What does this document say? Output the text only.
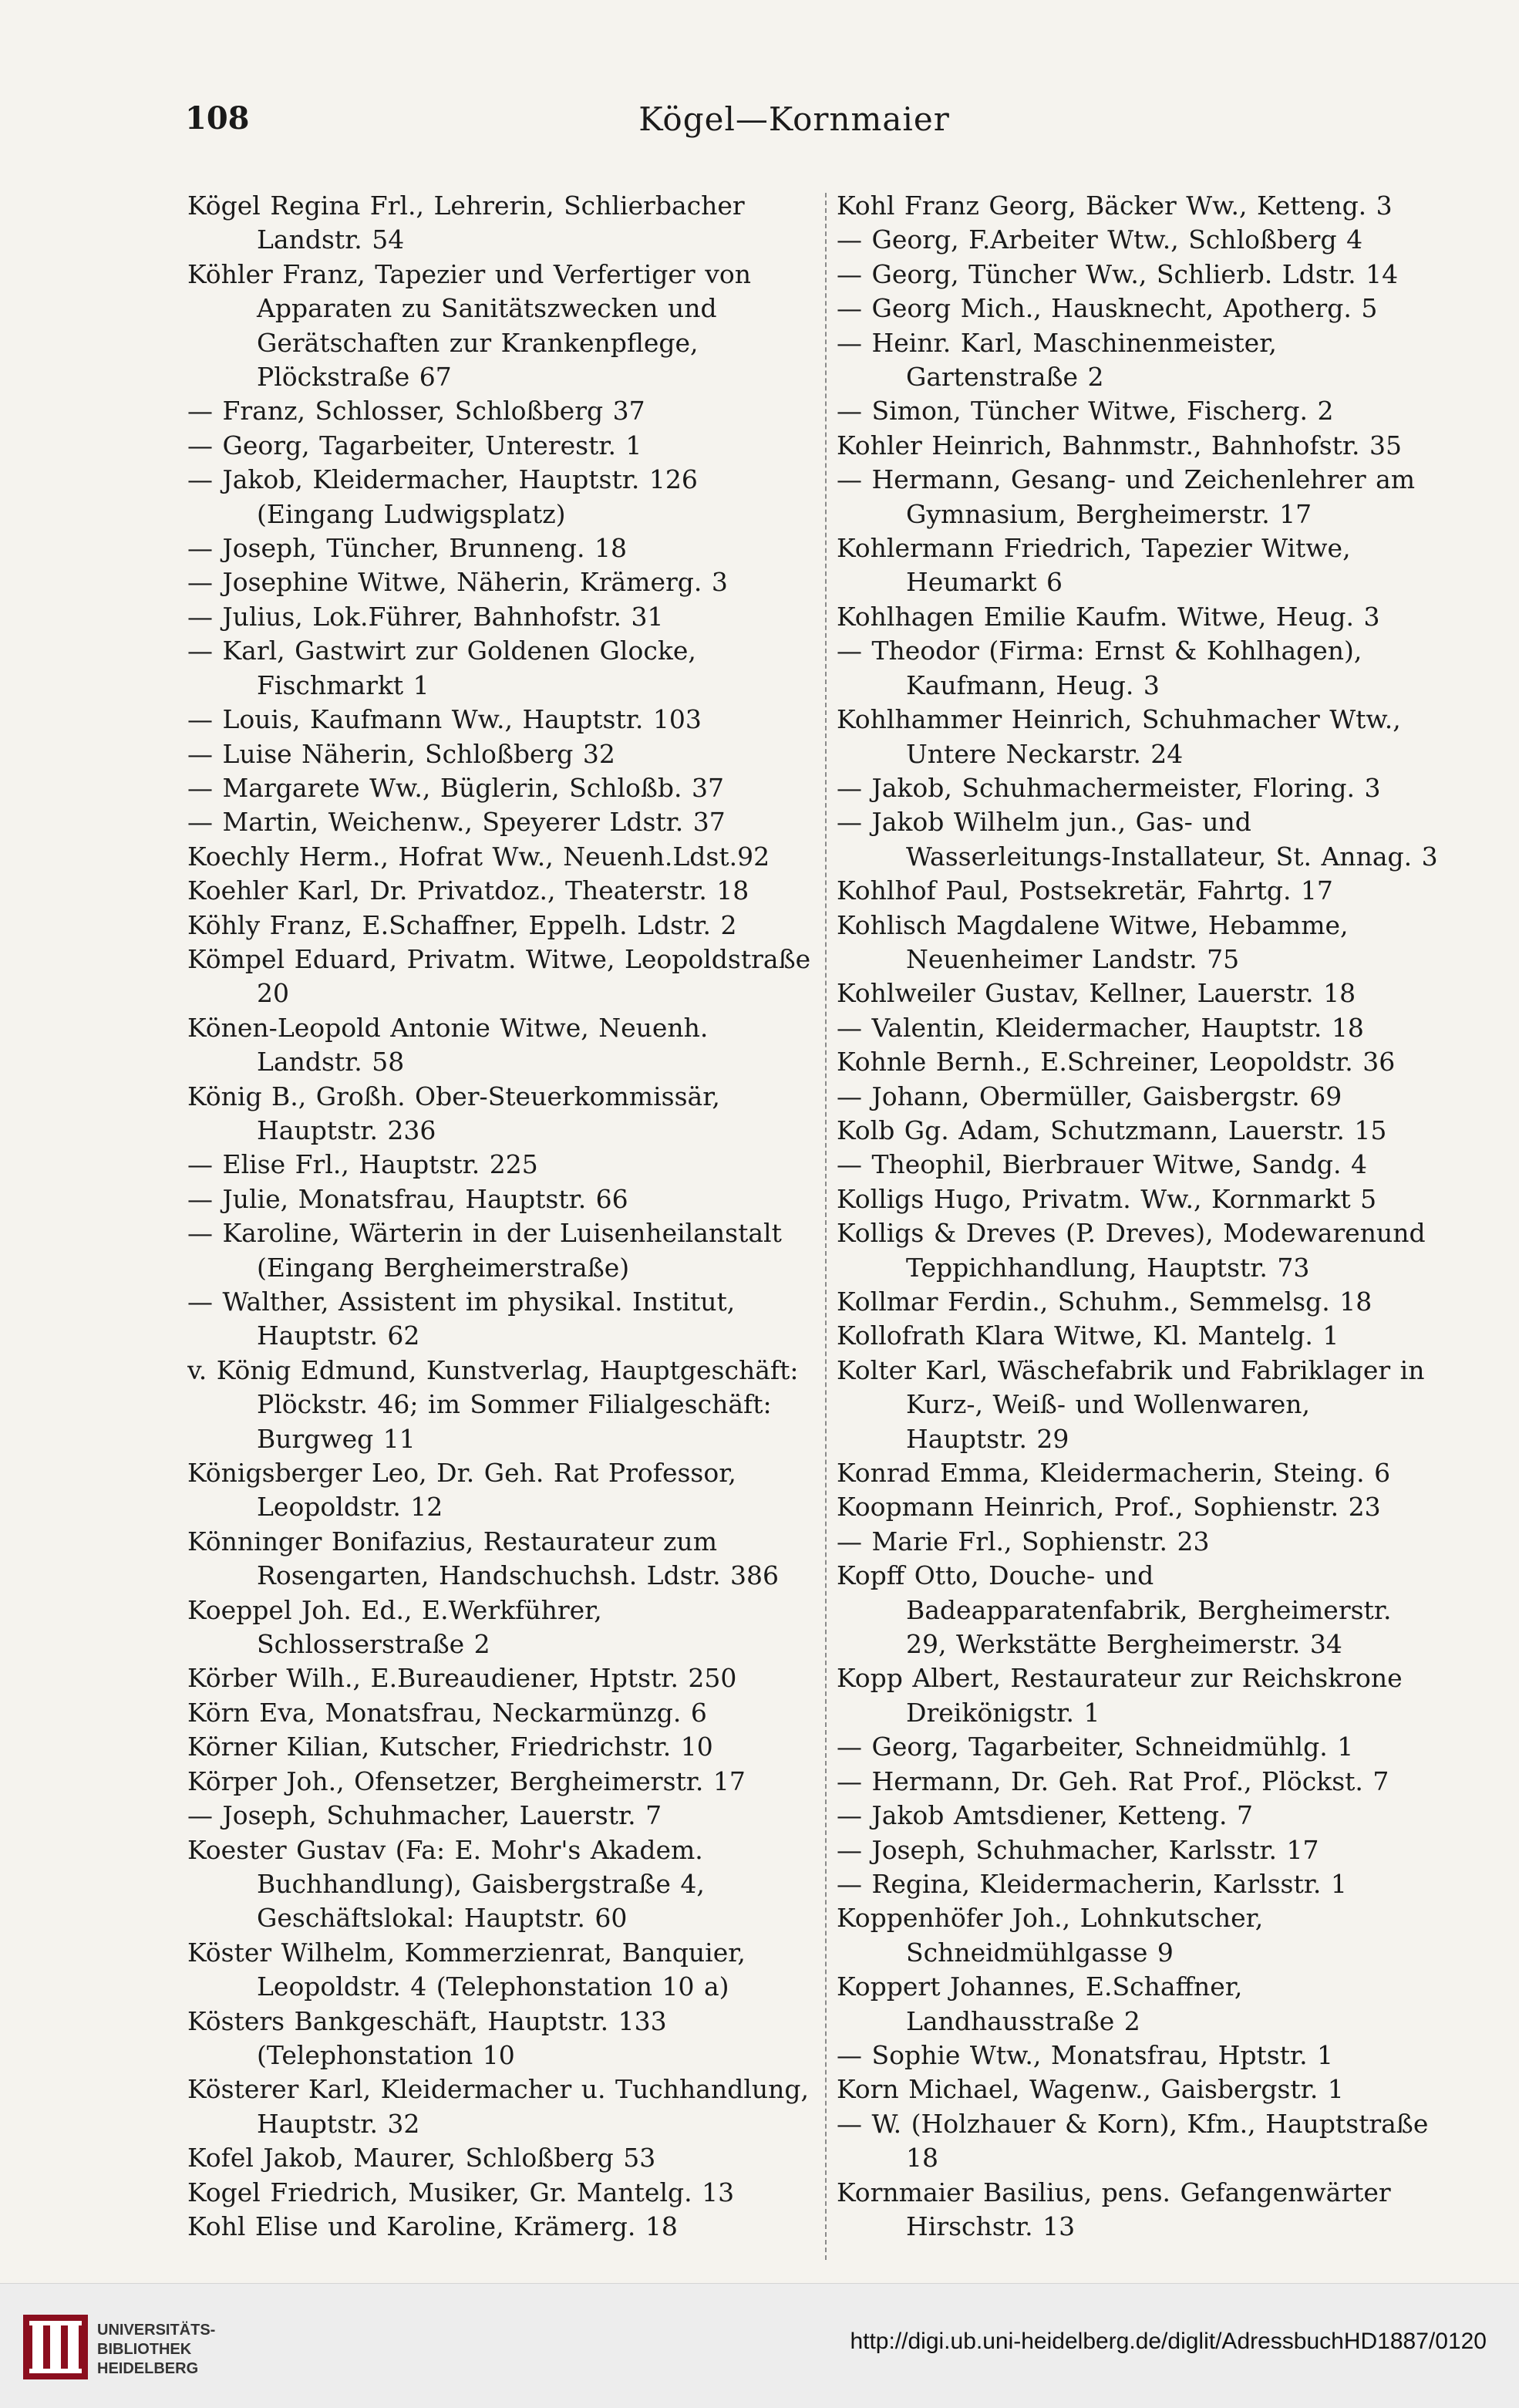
108	Kögel—Kornmaier
Kögel Regina Frl., Lehrerin, Schlierbacher Landstr. 54
Köhler Franz, Tapezier und Verfertiger von Apparaten zu Sanitätszwecken und Gerätschaften zur Krankenpflege, Plöckstraße 67
— Franz, Schlosser, Schloßberg 37
— Georg, Tagarbeiter, Unterestr. 1
— Jakob, Kleidermacher, Hauptstr. 126 (Eingang Ludwigsplatz)
— Joseph, Tüncher, Brunneng. 18
— Josephine Witwe, Näherin, Krämerg. 3
— Julius, Lok.Führer, Bahnhofstr. 31
— Karl, Gastwirt zur Goldenen Glocke, Fischmarkt 1
— Louis, Kaufmann Ww., Hauptstr. 103
— Luise Näherin, Schloßberg 32
— Margarete Ww., Büglerin, Schloßb. 37
— Martin, Weichenw., Speyerer Ldstr. 37
Koechly Herm., Hofrat Ww., Neuenh.Ldst.92
Koehler Karl, Dr. Privatdoz., Theaterstr. 18
Köhly Franz, E.Schaffner, Eppelh. Ldstr. 2
Kömpel Eduard, Privatm. Witwe, Leopoldstraße 20
Könen-Leopold Antonie Witwe, Neuenh. Landstr. 58
König B., Großh. Ober-Steuerkommissär, Hauptstr. 236
— Elise Frl., Hauptstr. 225
— Julie, Monatsfrau, Hauptstr. 66
— Karoline, Wärterin in der Luisenheilanstalt (Eingang Bergheimerstraße)
— Walther, Assistent im physikal. Institut, Hauptstr. 62
v. König Edmund, Kunstverlag, Hauptgeschäft: Plöckstr. 46; im Sommer Filialgeschäft: Burgweg 11
Königsberger Leo, Dr. Geh. Rat Professor, Leopoldstr. 12
Könninger Bonifazius, Restaurateur zum Rosengarten, Handschuchsh. Ldstr. 386
Koeppel Joh. Ed., E.Werkführer, Schlosserstraße 2
Körber Wilh., E.Bureaudiener, Hptstr. 250
Körn Eva, Monatsfrau, Neckarmünzg. 6
Körner Kilian, Kutscher, Friedrichstr. 10
Körper Joh., Ofensetzer, Bergheimerstr. 17
— Joseph, Schuhmacher, Lauerstr. 7
Koester Gustav (Fa: E. Mohr's Akadem. Buchhandlung), Gaisbergstraße 4, Geschäftslokal: Hauptstr. 60
Köster Wilhelm, Kommerzienrat, Banquier, Leopoldstr. 4 (Telephonstation 10 a)
Kösters Bankgeschäft, Hauptstr. 133 (Telephonstation 10
Kösterer Karl, Kleidermacher u. Tuchhandlung, Hauptstr. 32
Kofel Jakob, Maurer, Schloßberg 53
Kogel Friedrich, Musiker, Gr. Mantelg. 13
Kohl Elise und Karoline, Krämerg. 18
Kohl Franz Georg, Bäcker Ww., Ketteng. 3
— Georg, F.Arbeiter Wtw., Schloßberg 4
— Georg, Tüncher Ww., Schlierb. Ldstr. 14
— Georg Mich., Hausknecht, Apotherg. 5
— Heinr. Karl, Maschinenmeister, Gartenstraße 2
— Simon, Tüncher Witwe, Fischerg. 2
Kohler Heinrich, Bahnmstr., Bahnhofstr. 35
— Hermann, Gesang- und Zeichenlehrer am Gymnasium, Bergheimerstr. 17
Kohlermann Friedrich, Tapezier Witwe, Heumarkt 6
Kohlhagen Emilie Kaufm. Witwe, Heug. 3
— Theodor (Firma: Ernst & Kohlhagen), Kaufmann, Heug. 3
Kohlhammer Heinrich, Schuhmacher Wtw., Untere Neckarstr. 24
— Jakob, Schuhmachermeister, Floring. 3
— Jakob Wilhelm jun., Gas- und Wasserleitungs-Installateur, St. Annag. 3
Kohlhof Paul, Postsekretär, Fahrtg. 17
Kohlisch Magdalene Witwe, Hebamme, Neuenheimer Landstr. 75
Kohlweiler Gustav, Kellner, Lauerstr. 18
— Valentin, Kleidermacher, Hauptstr. 18
Kohnle Bernh., E.Schreiner, Leopoldstr. 36
— Johann, Obermüller, Gaisbergstr. 69
Kolb Gg. Adam, Schutzmann, Lauerstr. 15
— Theophil, Bierbrauer Witwe, Sandg. 4
Kolligs Hugo, Privatm. Ww., Kornmarkt 5
Kolligs & Dreves (P. Dreves), Modewarenund Teppichhandlung, Hauptstr. 73
Kollmar Ferdin., Schuhm., Semmelsg. 18
Kollofrath Klara Witwe, Kl. Mantelg. 1
Kolter Karl, Wäschefabrik und Fabriklager in Kurz-, Weiß- und Wollenwaren, Hauptstr. 29
Konrad Emma, Kleidermacherin, Steing. 6
Koopmann Heinrich, Prof., Sophienstr. 23
— Marie Frl., Sophienstr. 23
Kopff Otto, Douche- und Badeapparatenfabrik, Bergheimerstr. 29, Werkstätte Bergheimerstr. 34
Kopp Albert, Restaurateur zur Reichskrone Dreikönigstr. 1
— Georg, Tagarbeiter, Schneidmühlg. 1
— Hermann, Dr. Geh. Rat Prof., Plöckst. 7
— Jakob Amtsdiener, Ketteng. 7
— Joseph, Schuhmacher, Karlsstr. 17
— Regina, Kleidermacherin, Karlsstr. 1
Koppenhöfer Joh., Lohnkutscher, Schneidmühlgasse 9
Koppert Johannes, E.Schaffner, Landhausstraße 2
— Sophie Wtw., Monatsfrau, Hptstr. 1
Korn Michael, Wagenw., Gaisbergstr. 1
— W. (Holzhauer & Korn), Kfm., Hauptstraße 18
Kornmaier Basilius, pens. Gefangenwärter Hirschstr. 13
UNIVERSITÄTS-
BIBLIOTHEK
HEIDELBERG
http://digi.ub.uni-heidelberg.de/diglit/AdressbuchHD1887/0120
